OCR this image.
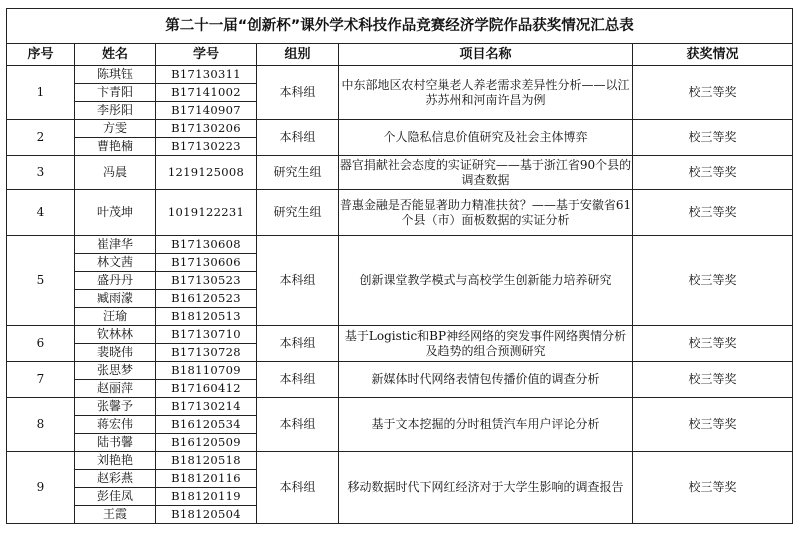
第二十一届“创新杯”课外学术科技作品竞赛经济学院作品获奖情况汇总表					
序号	姓名	学号	组别	项目名称	获奖情况
1	陈琪钰	B17130311	本科组	中东部地区农村空巢老人养老需求差异性分析——以江苏苏州和河南许昌为例	校三等奖
	卞青阳	B17141002			
	李彤阳	B17140907			
2	方雯	B17130206	本科组	个人隐私信息价值研究及社会主体博弈	校三等奖
	曹艳楠	B17130223			
3	冯晨	1219125008	研究生组	器官捐献社会态度的实证研究——基于浙江省90个县的调查数据	校三等奖
4	叶茂坤	1019122231	研究生组	普惠金融是否能显著助力精准扶贫？——基于安徽省61个县（市）面板数据的实证分析	校三等奖
5	崔津华	B17130608	本科组	创新课堂教学模式与高校学生创新能力培养研究	校三等奖
	林文茜	B17130606			
	盛丹丹	B17130523			
	臧雨濛	B16120523			
	汪瑜	B18120513			
6	钦林林	B17130710	本科组	基于Logistic和BP神经网络的突发事件网络舆情分析及趋势的组合预测研究	校三等奖
	裴晓伟	B17130728			
7	张思梦	B18110709	本科组	新媒体时代网络表情包传播价值的调查分析	校三等奖
	赵丽萍	B17160412			
8	张馨予	B17130214	本科组	基于文本挖掘的分时租赁汽车用户评论分析	校三等奖
	蒋宏伟	B16120534			
	陆书馨	B16120509			
9	刘艳艳	B18120518	本科组	移动数据时代下网红经济对于大学生影响的调查报告	校三等奖
	赵彩燕	B18120116			
	彭佳凤	B18120119			
	王霞	B18120504			
